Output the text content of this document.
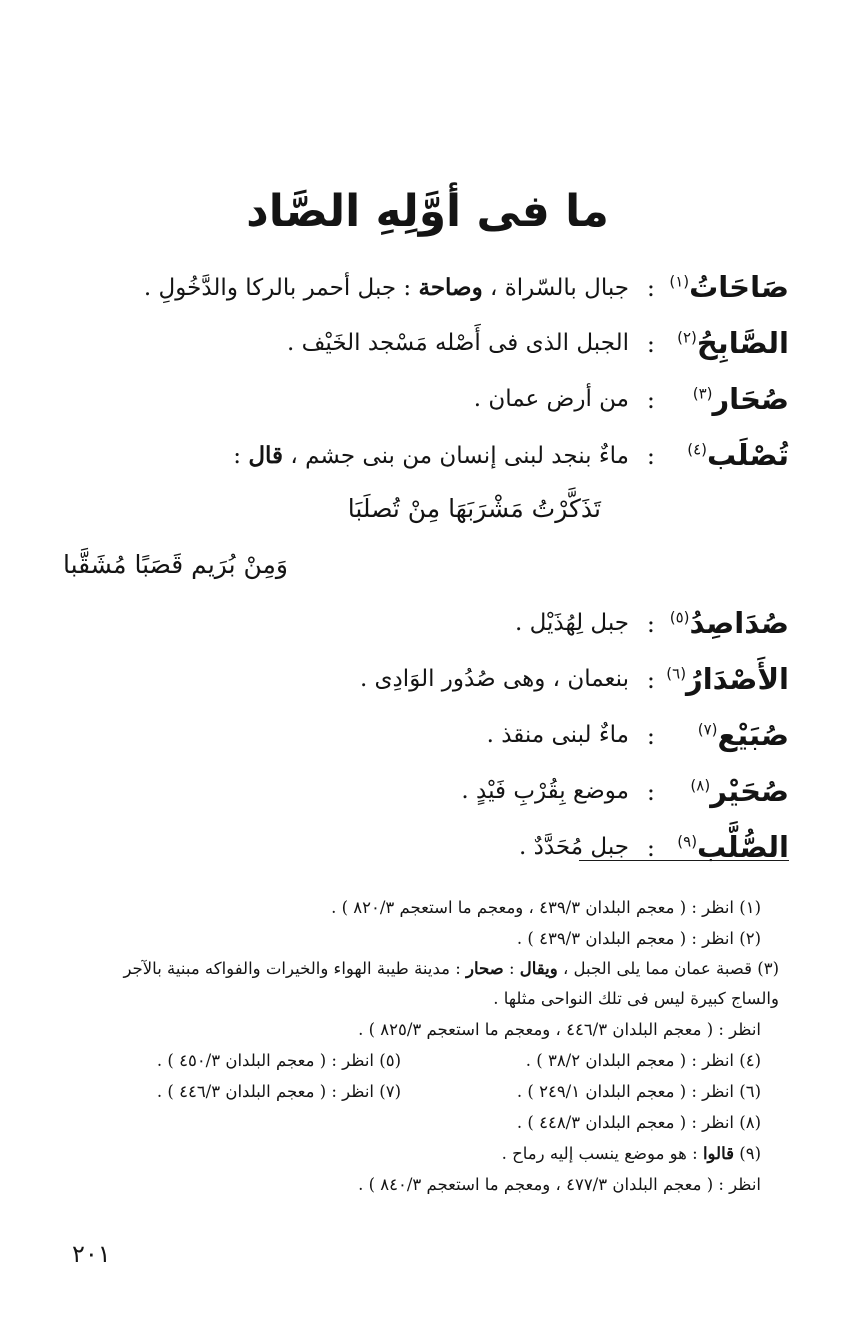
ما فى أوَّلِهِ الصَّاد
صَاحَاتُ$^{(١)}$
:
جبال بالسّراة ، وصاحة : جبل أحمر بالركا والدَّخُولِ .
الصَّابِحُ$^{(٢)}$
:
الجبل الذى فى أَصْله مَسْجد الخَيْف .
صُحَار$^{(٣)}$
:
من أرض عمان .
تُصْلَب$^{(٤)}$
:
ماءٌ بنجد لبنى إنسان من بنى جشم ، قال :
تَذَكَّرْتُ مَشْرَبَهَا مِنْ تُصلَبَا
وَمِنْ بُرَيم قَصَبًا مُشَقَّبا
صُدَاصِدُ$^{(٥)}$
:
جبل لِهُذَيْل .
الأَصْدَارُ$^{(٦)}$
:
بنعمان ، وهى صُدُور الوَادِى .
صُبَيْع$^{(٧)}$
:
ماءٌ لبنى منقذ .
صُحَيْر$^{(٨)}$
:
موضع بِقُرْبِ فَيْدٍ .
الصُّلَّب$^{(٩)}$
:
جبل مُحَدَّدٌ .
(١) انظر : ( معجم البلدان ٤٣٩/٣ ، ومعجم ما استعجم ٨٢٠/٣ ) .
(٢) انظر : ( معجم البلدان ٤٣٩/٣ ) .
(٣) قصبة عمان مما يلى الجبل ، ويقال : صحار : مدينة طيبة الهواء والخيرات والفواكه مبنية بالآجر والساج كبيرة ليس فى تلك النواحى مثلها .
انظر : ( معجم البلدان ٤٤٦/٣ ، ومعجم ما استعجم ٨٢٥/٣ ) .
(٤) انظر : ( معجم البلدان ٣٨/٢ ) .
(٥) انظر : ( معجم البلدان ٤٥٠/٣ ) .
(٦) انظر : ( معجم البلدان ٢٤٩/١ ) .
(٧) انظر : ( معجم البلدان ٤٤٦/٣ ) .
(٨) انظر : ( معجم البلدان ٤٤٨/٣ ) .
(٩) قالوا : هو موضع ينسب إليه رماح .
انظر : ( معجم البلدان ٤٧٧/٣ ، ومعجم ما استعجم ٨٤٠/٣ ) .
٢٠١
